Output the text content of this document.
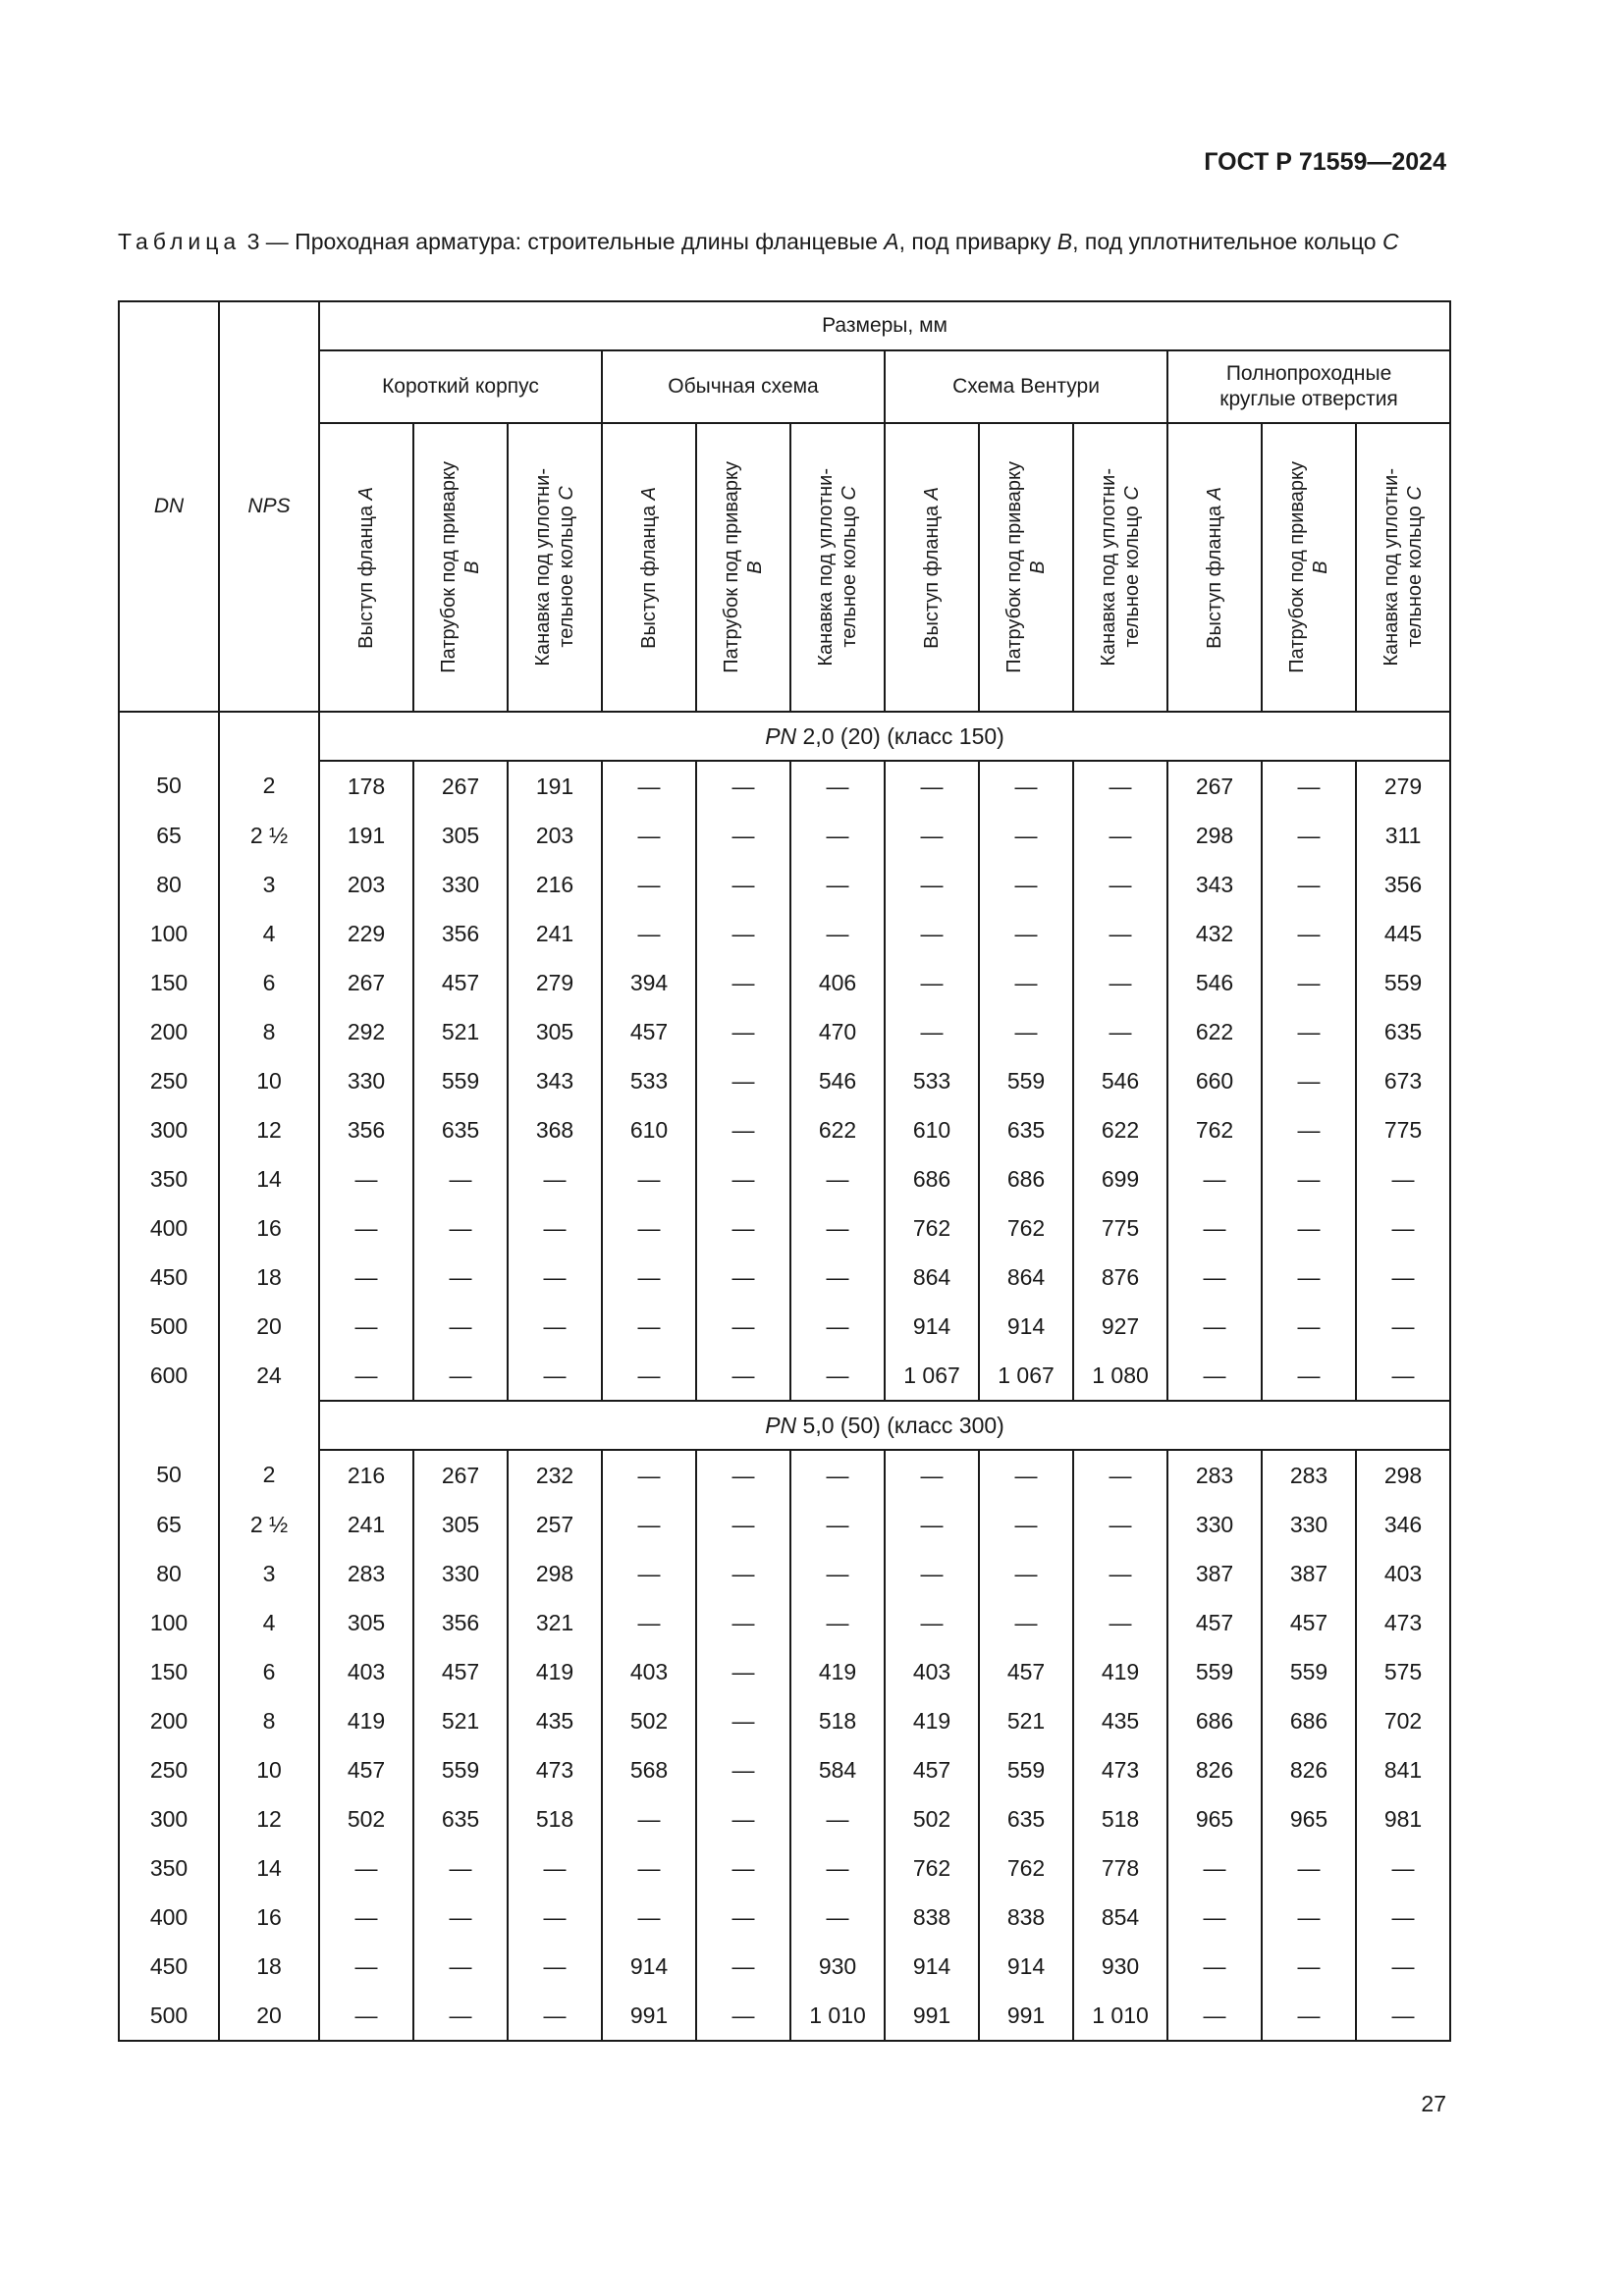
ГОСТ Р 71559—2024
Таблица 3 — Проходная арматура: строительные длины фланцевые A, под приварку B, под уплотнительное кольцо C
DN	NPS	Размеры, мм											
		Короткий корпус			Обычная схема			Схема Вентури			Полнопроходные
круглые отверстия		

		Выступ фланца A	Патрубок под приварку B	Канавка под уплотни- тельное кольцо C	Выступ фланца A	Патрубок под приварку B	Канавка под уплотни- тельное кольцо C	Выступ фланца A	Патрубок под приварку B	Канавка под уплотни- тельное кольцо C	Выступ фланца A	Патрубок под приварку B	Канавка под уплотни- тельное кольцо C

		PN 2,0 (20) (класс 150)											
50	2	178	267	191	—	—	—	—	—	—	267	—	279
65	2 ½	191	305	203	—	—	—	—	—	—	298	—	311
80	3	203	330	216	—	—	—	—	—	—	343	—	356
100	4	229	356	241	—	—	—	—	—	—	432	—	445
150	6	267	457	279	394	—	406	—	—	—	546	—	559
200	8	292	521	305	457	—	470	—	—	—	622	—	635
250	10	330	559	343	533	—	546	533	559	546	660	—	673
300	12	356	635	368	610	—	622	610	635	622	762	—	775
350	14	—	—	—	—	—	—	686	686	699	—	—	—
400	16	—	—	—	—	—	—	762	762	775	—	—	—
450	18	—	—	—	—	—	—	864	864	876	—	—	—
500	20	—	—	—	—	—	—	914	914	927	—	—	—
600	24	—	—	—	—	—	—	1 067	1 067	1 080	—	—	—
		PN 5,0 (50) (класс 300)											
50	2	216	267	232	—	—	—	—	—	—	283	283	298
65	2 ½	241	305	257	—	—	—	—	—	—	330	330	346
80	3	283	330	298	—	—	—	—	—	—	387	387	403
100	4	305	356	321	—	—	—	—	—	—	457	457	473
150	6	403	457	419	403	—	419	403	457	419	559	559	575
200	8	419	521	435	502	—	518	419	521	435	686	686	702
250	10	457	559	473	568	—	584	457	559	473	826	826	841
300	12	502	635	518	—	—	—	502	635	518	965	965	981
350	14	—	—	—	—	—	—	762	762	778	—	—	—
400	16	—	—	—	—	—	—	838	838	854	—	—	—
450	18	—	—	—	914	—	930	914	914	930	—	—	—
500	20	—	—	—	991	—	1 010	991	991	1 010	—	—	—
27
